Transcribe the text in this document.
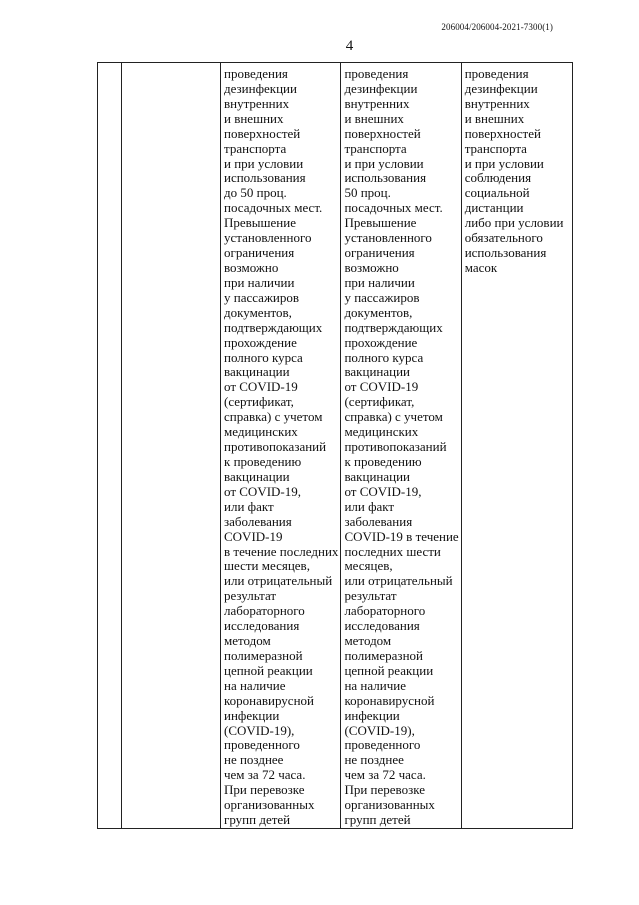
206004/206004-2021-7300(1)
4

проведения
дезинфекции
внутренних
и внешних
поверхностей
транспорта
и при условии
использования
до 50 проц.
посадочных мест.
Превышение
установленного
ограничения
возможно
при наличии
у пассажиров
документов,
подтверждающих
прохождение
полного курса
вакцинации
от COVID-19
(сертификат,
справка) с учетом
медицинских
противопоказаний
к проведению
вакцинации
от COVID-19,
или факт
заболевания
COVID-19
в течение последних
шести месяцев,
или отрицательный
результат
лабораторного
исследования
методом
полимеразной
цепной реакции
на наличие
коронавирусной
инфекции
(COVID-19),
проведенного
не позднее
чем за 72 часа.
При перевозке
организованных
групп детей

проведения
дезинфекции
внутренних
и внешних
поверхностей
транспорта
и при условии
использования
50 проц.
посадочных мест.
Превышение
установленного
ограничения
возможно
при наличии
у пассажиров
документов,
подтверждающих
прохождение
полного курса
вакцинации
от COVID-19
(сертификат,
справка) с учетом
медицинских
противопоказаний
к проведению
вакцинации
от COVID-19,
или факт
заболевания
COVID-19 в течение
последних шести
месяцев,
или отрицательный
результат
лабораторного
исследования
методом
полимеразной
цепной реакции
на наличие
коронавирусной
инфекции
(COVID-19),
проведенного
не позднее
чем за 72 часа.
При перевозке
организованных
групп детей

проведения
дезинфекции
внутренних
и внешних
поверхностей
транспорта
и при условии
соблюдения
социальной
дистанции
либо при условии
обязательного
использования
масок
